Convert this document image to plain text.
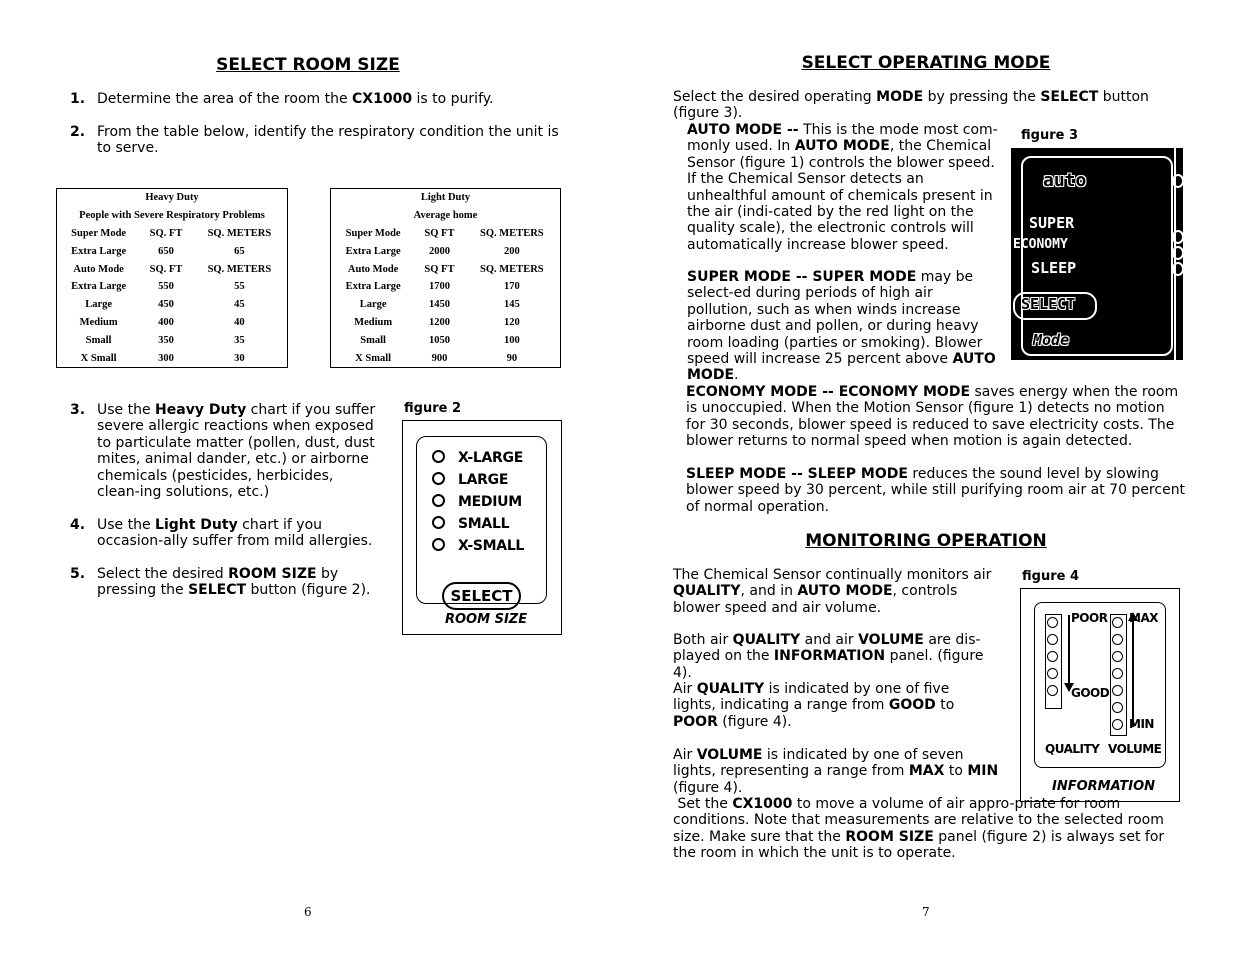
SELECT ROOM SIZE
1. Determine the area of the room the CX1000 is to purify.
2. From the table below, identify the respiratory condition the unit is to serve.
Heavy Duty		
People with Severe Respiratory Problems		
Super Mode	SQ. FT	SQ. METERS
Extra Large	650	65
Auto Mode	SQ. FT	SQ. METERS
Extra Large	550	55
Large	450	45
Medium	400	40
Small	350	35
X Small	300	30
Light Duty		
Average home		
Super Mode	SQ FT	SQ. METERS
Extra Large	2000	200
Auto Mode	SQ FT	SQ. METERS
Extra Large	1700	170
Large	1450	145
Medium	1200	120
Small	1050	100
X Small	900	90
3. Use the Heavy Duty chart if you suffer severe allergic reactions when exposed to particulate matter (pollen, dust, dust mites, animal dander, etc.) or airborne chemicals (pesticides, herbicides, clean-ing solutions, etc.)
4. Use the Light Duty chart if you occasion-ally suffer from mild allergies.
5. Select the desired ROOM SIZE by pressing the SELECT button (figure 2).
figure 2
X-LARGE
LARGE
MEDIUM
SMALL
X-SMALL
SELECT
ROOM SIZE
6
SELECT OPERATING MODE
Select the desired operating MODE by pressing the SELECT button (figure 3).
AUTO MODE -- This is the mode most com-monly used. In AUTO MODE, the Chemical Sensor (figure 1) controls the blower speed. If the Chemical Sensor detects an unhealthful amount of chemicals present in the air (indi-cated by the red light on the quality scale), the electronic controls will automatically increase blower speed.
SUPER MODE -- SUPER MODE may be select-ed during periods of high air pollution, such as when winds increase airborne dust and pollen, or during heavy room loading (parties or smoking). Blower speed will increase 25 percent above AUTO MODE.
ECONOMY MODE -- ECONOMY MODE saves energy when the room is unoccupied. When the Motion Sensor (figure 1) detects no motion for 30 seconds, blower speed is reduced to save electricity costs. The blower returns to normal speed when motion is again detected.
SLEEP MODE -- SLEEP MODE reduces the sound level by slowing blower speed by 30 percent, while still purifying room air at 70 percent of normal operation.
figure 3
auto
SUPER
ECONOMY
SLEEP
SELECT
Mode
MONITORING OPERATION
The Chemical Sensor continually monitors air QUALITY, and in AUTO MODE, controls blower speed and air volume.
Both air QUALITY and air VOLUME are dis-played on the INFORMATION panel. (figure 4).
Air QUALITY is indicated by one of five lights, indicating a range from GOOD to POOR (figure 4).
Air VOLUME is indicated by one of seven lights, representing a range from MAX to MIN (figure 4).
Set the CX1000 to move a volume of air appro-priate for room conditions. Note that measurements are relative to the selected room size. Make sure that the ROOM SIZE panel (figure 2) is always set for the room in which the unit is to operate.
figure 4
POOR
GOOD
MAX
MIN
QUALITY VOLUME
INFORMATION
7
